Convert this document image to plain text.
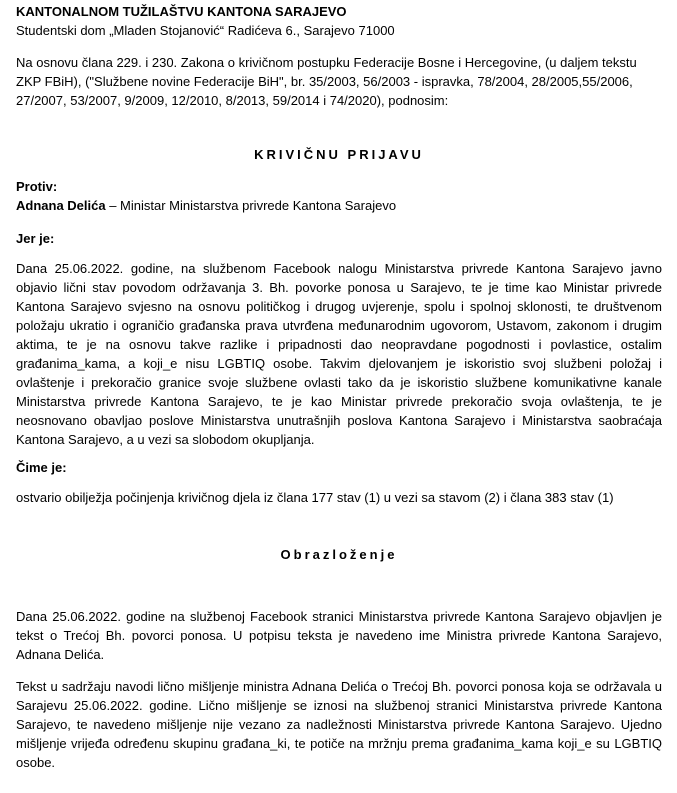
KANTONALNOM TUŽILAŠTVU KANTONA SARAJEVO

Studentski dom „Mladen Stojanović“ Radićeva 6., Sarajevo 71000

Na osnovu člana 229. i 230. Zakona o krivičnom postupku Federacije Bosne i Hercegovine, (u daljem tekstu

ZKP FBiH), ("Službene novine Federacije BiH", br. 35/2003, 56/2003 - ispravka, 78/2004, 28/2005,55/2006,

27/2007, 53/2007, 9/2009, 12/2010, 8/2013, 59/2014 i 74/2020), podnosim:

KRIVIČNU PRIJAVU

Protiv:

Adnana Delića – Ministar Ministarstva privrede Kantona Sarajevo

Jer je:

Dana 25.06.2022. godine, na službenom Facebook nalogu Ministarstva privrede Kantona Sarajevo javno objavio lični stav povodom održavanja 3. Bh. povorke ponosa u Sarajevo, te je time kao Ministar privrede Kantona Sarajevo svjesno na osnovu političkog i drugog uvjerenje, spolu i spolnoj sklonosti, te društvenom položaju ukratio i ograničio građanska prava utvrđena međunarodnim ugovorom, Ustavom, zakonom i drugim aktima, te je na osnovu takve razlike i pripadnosti dao neopravdane pogodnosti i povlastice, ostalim građanima_kama, a koji_e nisu LGBTIQ osobe. Takvim djelovanjem je iskoristio svoj službeni položaj i ovlaštenje i prekoračio granice svoje službene ovlasti tako da je iskoristio službene komunikativne kanale Ministarstva privrede Kantona Sarajevo, te je kao Ministar privrede prekoračio svoja ovlaštenja, te je neosnovano obavljao poslove Ministarstva unutrašnjih poslova Kantona Sarajevo i Ministarstva saobraćaja Kantona Sarajevo, a u vezi sa slobodom okupljanja.

Čime je:

ostvario obilježja počinjenja krivičnog djela iz člana 177 stav (1) u vezi sa stavom (2) i člana 383 stav (1)

Obrazloženje

Dana 25.06.2022. godine na službenoj Facebook stranici Ministarstva privrede Kantona Sarajevo objavljen je tekst o Trećoj Bh. povorci ponosa. U potpisu teksta je navedeno ime Ministra privrede Kantona Sarajevo, Adnana Delića.

Tekst u sadržaju navodi lično mišljenje ministra Adnana Delića o Trećoj Bh. povorci ponosa koja se održavala u Sarajevu 25.06.2022. godine. Lično mišljenje se iznosi na službenoj stranici Ministarstva privrede Kantona Sarajevo, te navedeno mišljenje nije vezano za nadležnosti Ministarstva privrede Kantona Sarajevo. Ujedno mišljenje vrijeđa određenu skupinu građana_ki, te potiče na mržnju prema građanima_kama koji_e su LGBTIQ osobe.
